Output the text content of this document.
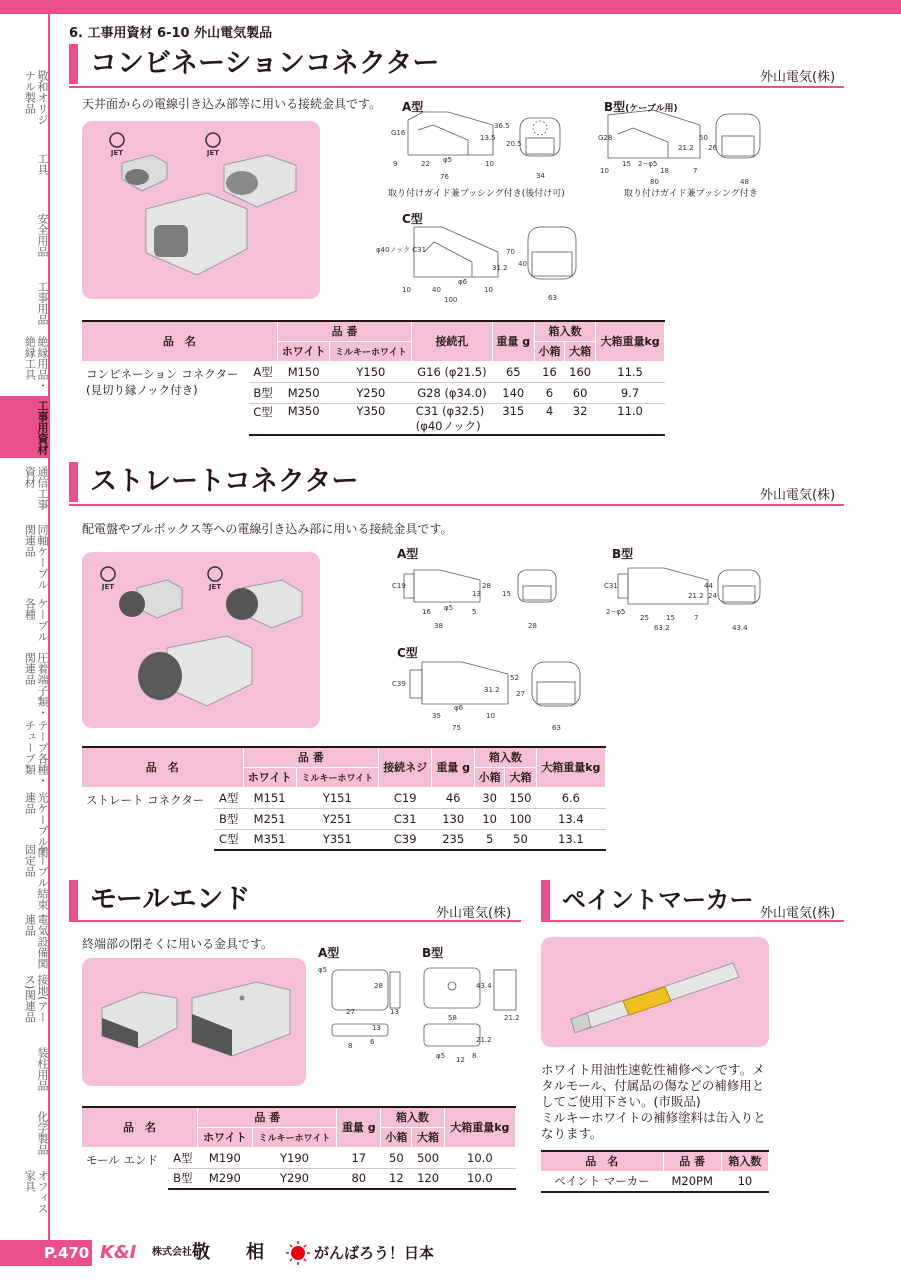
敬和オリジナル製品
工具
安全用品
工事用品
絶縁用品・絶縁工具
工事用資材
通信工事資材
同軸ケーブル関連品
ケーブル各種
圧着端子類・関連品
テープ各種・チューブ類
光ケーブル関連品
ケーブル結束・固定品
電気設備関連品
接地(アース)関連品
装柱用品
化学製品
オフィス家具
6. 工事用資材 6-10 外山電気製品
コンビネーションコネクター	外山電気(株)
天井面からの電線引き込み部等に用いる接続金具です。
JET	JET
G16
13.5
36.5
20.5
9	22 φ5	10
76	34
A型
取り付けガイド兼ブッシング付き(後付け可)
G28	50
21.2 26
15 2−φ5
18	7
10
80	48
B型(ケーブル用)
取り付けガイド兼ブッシング付き
φ40ノック C31	70
31.2 40
10	40
φ6
10
100	63
C型
品　名		品 番		接続孔	重量 g	箱入数		大箱重量kg
		ホワイト	ミルキーホワイト			小箱	大箱	

コンビネーション コネクター
(見切り縁ノック付き)	A型	M150	Y150	G16 (φ21.5)	65	16	160	11.5
	B型	M250	Y250	G28 (φ34.0)	140	6	60	9.7
	C型	M350	Y350	C31 (φ32.5)
(φ40ノック)	315	4	32	11.0
ストレートコネクター	外山電気(株)
配電盤やプルボックス等への電線引き込み部に用いる接続金具です。
JET	JET	C19	28
13	15
16 φ5	5
38	28
A型
C31	44
21.2 24
2−φ5
25 15	7
63.2	43.4
B型
C39
52
31.2 27
35
φ6
10
75	63
C型
品　名		品 番		接続ネジ	重量 g	箱入数		大箱重量kg
		ホワイト	ミルキーホワイト			小箱	大箱	
ストレート コネクター	A型	M151	Y151	C19	46	30	150	6.6
	B型	M251	Y251	C31	130	10	100	13.4
	C型	M351	Y351	C39	235	5	50	13.1
モールエンド	外山電気(株)
終端部の閉そくに用いる金具です。
φ5
28
27	13
13
8	6
A型
43.4
58	21.2
21.2
φ5 12 8
B型
品　名		品 番		重量 g	箱入数		大箱重量kg
		ホワイト	ミルキーホワイト		小箱	大箱	
モール エンド	A型	M190	Y190	17	50	500	10.0
	B型	M290	Y290	80	12	120	10.0
ペイントマーカー 外山電気(株)
ホワイト用油性速乾性補修ペンです。メ
タルモール、付属品の傷などの補修用と
してご使用下さい。(市販品)
ミルキーホワイトの補修塗料は缶入りと
なります。
品　名	品 番	箱入数
ペイント マーカー	M20PM	10
P.470 K&I 株式会社 敬 相	がんばろう！日本
